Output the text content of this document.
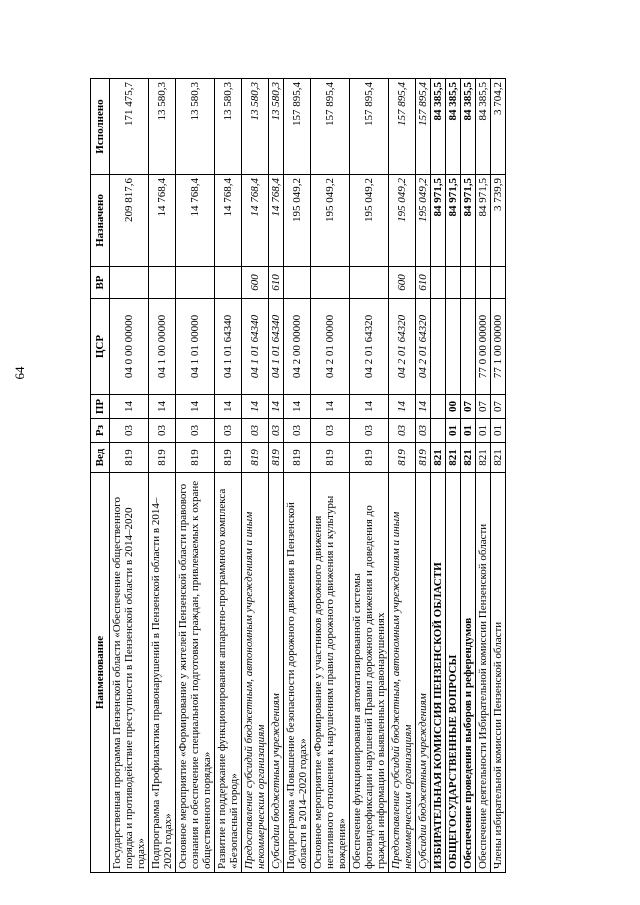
64
Наименование	Вед	Рз	ПР	ЦСР	ВР	Назначено	Исполнено
Государственная программа Пензенской области «Обеспечение общественного порядка и противодействие преступности в Пензенской области в 2014–2020 годах»	819	03	14	04 0 00 00000		209 817,6	171 475,7
Подпрограмма «Профилактика правонарушений в Пензенской области в 2014–2020 годах»	819	03	14	04 1 00 00000		14 768,4	13 580,3
Основное мероприятие «Формирование у жителей Пензенской области правового сознания и обеспечение специальной подготовки граждан, привлекаемых к охране общественного порядка»	819	03	14	04 1 01 00000		14 768,4	13 580,3
Развитие и поддержание функционирования аппаратно-программного комплекса «Безопасный город»	819	03	14	04 1 01 64340		14 768,4	13 580,3
Предоставление субсидий бюджетным, автономным учреждениям и иным некоммерческим организациям	819	03	14	04 1 01 64340	600	14 768,4	13 580,3
Субсидии бюджетным учреждениям	819	03	14	04 1 01 64340	610	14 768,4	13 580,3
Подпрограмма «Повышение безопасности дорожного движения в Пензенской области в 2014–2020 годах»	819	03	14	04 2 00 00000		195 049,2	157 895,4
Основное мероприятие «Формирование у участников дорожного движения негативного отношения к нарушениям правил дорожного движения и культуры вождения»	819	03	14	04 2 01 00000		195 049,2	157 895,4
Обеспечение функционирования автоматизированной системы фотовидеофиксации нарушений Правил дорожного движения и доведения до граждан информации о выявленных правонарушениях	819	03	14	04 2 01 64320		195 049,2	157 895,4
Предоставление субсидий бюджетным, автономным учреждениям и иным некоммерческим организациям	819	03	14	04 2 01 64320	600	195 049,2	157 895,4
Субсидии бюджетным учреждениям	819	03	14	04 2 01 64320	610	195 049,2	157 895,4
ИЗБИРАТЕЛЬНАЯ КОМИССИЯ ПЕНЗЕНСКОЙ ОБЛАСТИ	821					84 971,5	84 385,5
ОБЩЕГОСУДАРСТВЕННЫЕ ВОПРОСЫ	821	01	00			84 971,5	84 385,5
Обеспечение проведения выборов и референдумов	821	01	07			84 971,5	84 385,5
Обеспечение деятельности Избирательной комиссии Пензенской области	821	01	07	77 0 00 00000		84 971,5	84 385,5
Члены избирательной комиссии Пензенской области	821	01	07	77 1 00 00000		3 739,9	3 704,2
